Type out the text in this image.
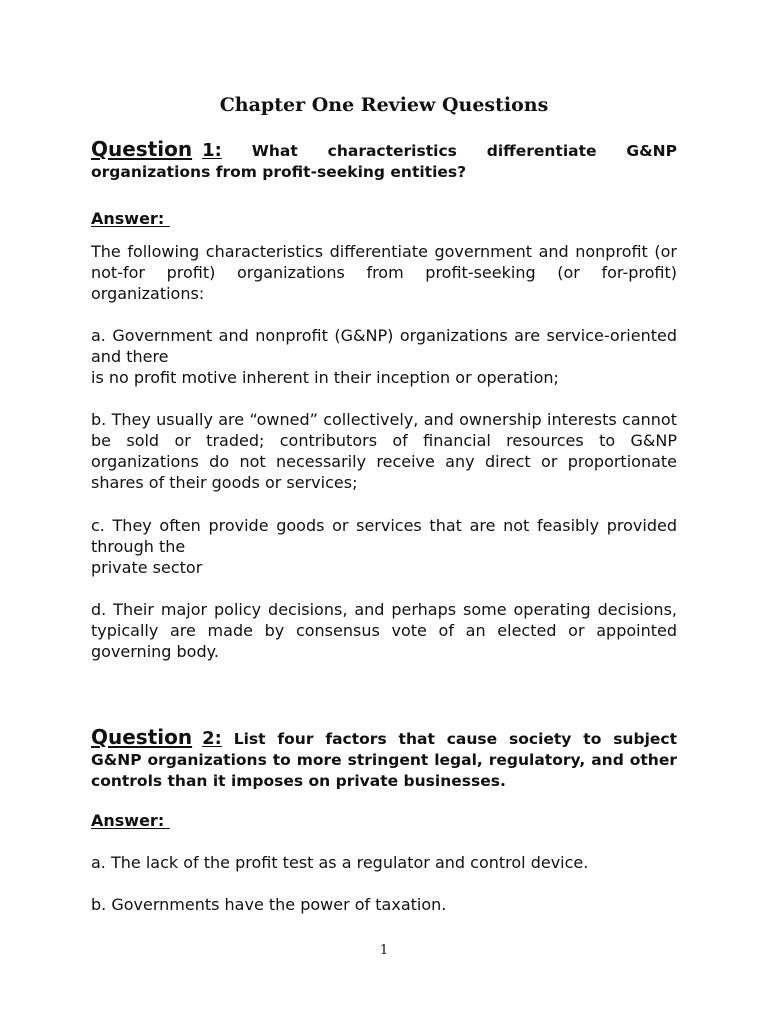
Chapter One Review Questions
Question 1: What characteristics differentiate G&NP organizations from profit-seeking entities?
Answer:
The following characteristics differentiate government and nonprofit (or not-for profit) organizations from profit-seeking (or for-profit) organizations:
a. Government and nonprofit (G&NP) organizations are service-oriented and there
is no profit motive inherent in their inception or operation;
b. They usually are “owned” collectively, and ownership interests cannot be sold or traded; contributors of financial resources to G&NP organizations do not necessarily receive any direct or proportionate shares of their goods or services;
c. They often provide goods or services that are not feasibly provided through the
private sector
d. Their major policy decisions, and perhaps some operating decisions, typically are made by consensus vote of an elected or appointed governing body.
Question 2: List four factors that cause society to subject G&NP organizations to more stringent legal, regulatory, and other controls than it imposes on private businesses.
Answer:
a. The lack of the profit test as a regulator and control device.
b. Governments have the power of taxation.
1
